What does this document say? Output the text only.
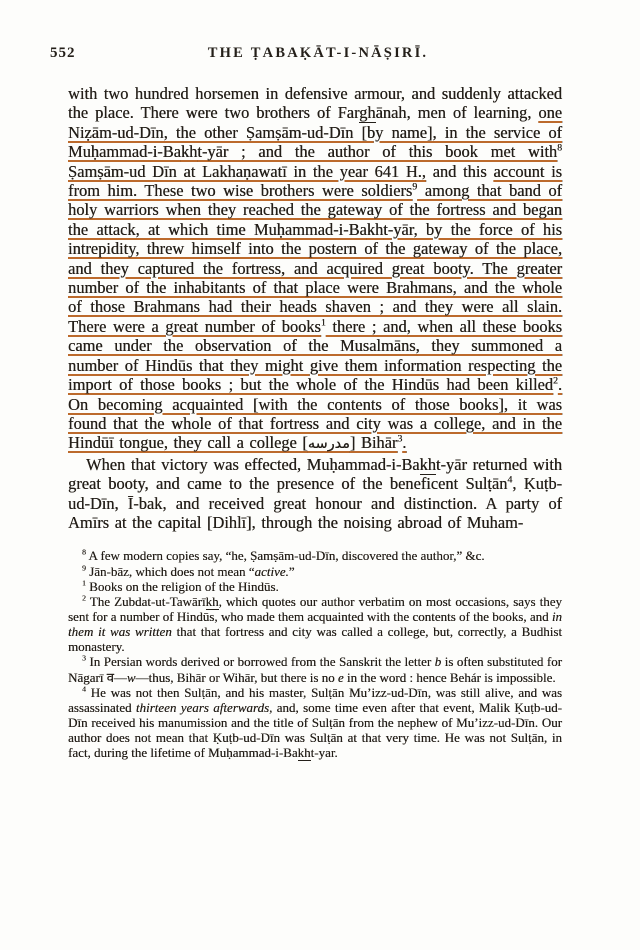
552	THE ṬABAḲĀT-I-NĀṢIRĪ.

with two hundred horsemen in defensive armour, and suddenly attacked the place. There were two brothers of Farghānah, men of learning, one Niẓām-ud-Dīn, the other Ṣamṣām-ud-Dīn [by name], in the service of Muḥammad-i-Bakht-yār ; and the author of this book met with$^8$ Ṣamṣām-ud Dīn at Lakhaṇawatī in the year 641 H., and this account is from him. These two wise brothers were soldiers$^9$ among that band of holy warriors when they reached the gateway of the fortress and began the attack, at which time Muḥammad-i-Bakht-yār, by the force of his intrepidity, threw himself into the postern of the gateway of the place, and they captured the fortress, and acquired great booty. The greater number of the inhabitants of that place were Brahmans, and the whole of those Brahmans had their heads shaven ; and they were all slain. There were a great number of books$^1$ there ; and, when all these books came under the observation of the Musalmāns, they summoned a number of Hindūs that they might give them information respecting the import of those books ; but the whole of the Hindūs had been killed$^2$. On becoming acquainted [with the contents of those books], it was found that the whole of that fortress and city was a college, and in the Hindūī tongue, they call a college [مدرسه] Bihār$^3$.

When that victory was effected, Muḥammad-i-Bakht-yār returned with great booty, and came to the presence of the beneficent Sulṭān$^4$, Ḳuṭb-ud-Dīn, Ī-bak, and received great honour and distinction. A party of Amīrs at the capital [Dihlī], through the noising abroad of Muham-

$^8$ A few modern copies say, “he, Ṣamṣām-ud-Dīn, discovered the author,” &c.

$^9$ Jān-bāz, which does not mean “active.”

$^1$ Books on the religion of the Hindūs.

$^2$ The Zubdat-ut-Tawārīkh, which quotes our author verbatim on most occasions, says they sent for a number of Hindūs, who made them acquainted with the contents of the books, and in them it was written that that fortress and city was called a college, but, correctly, a Budhist monastery.

$^3$ In Persian words derived or borrowed from the Sanskrit the letter b is often substituted for Nāgarī व—w—thus, Bihār or Wihār, but there is no e in the word : hence Behár is impossible.

$^4$ He was not then Sulṭān, and his master, Sulṭān Mu’izz-ud-Dīn, was still alive, and was assassinated thirteen years afterwards, and, some time even after that event, Malik Ḳuṭb-ud-Dīn received his manumission and the title of Sulṭān from the nephew of Mu’izz-ud-Dīn. Our author does not mean that Ḳuṭb-ud-Dīn was Sulṭān at that very time. He was not Sulṭān, in fact, during the lifetime of Muḥammad-i-Bakht-yar.
